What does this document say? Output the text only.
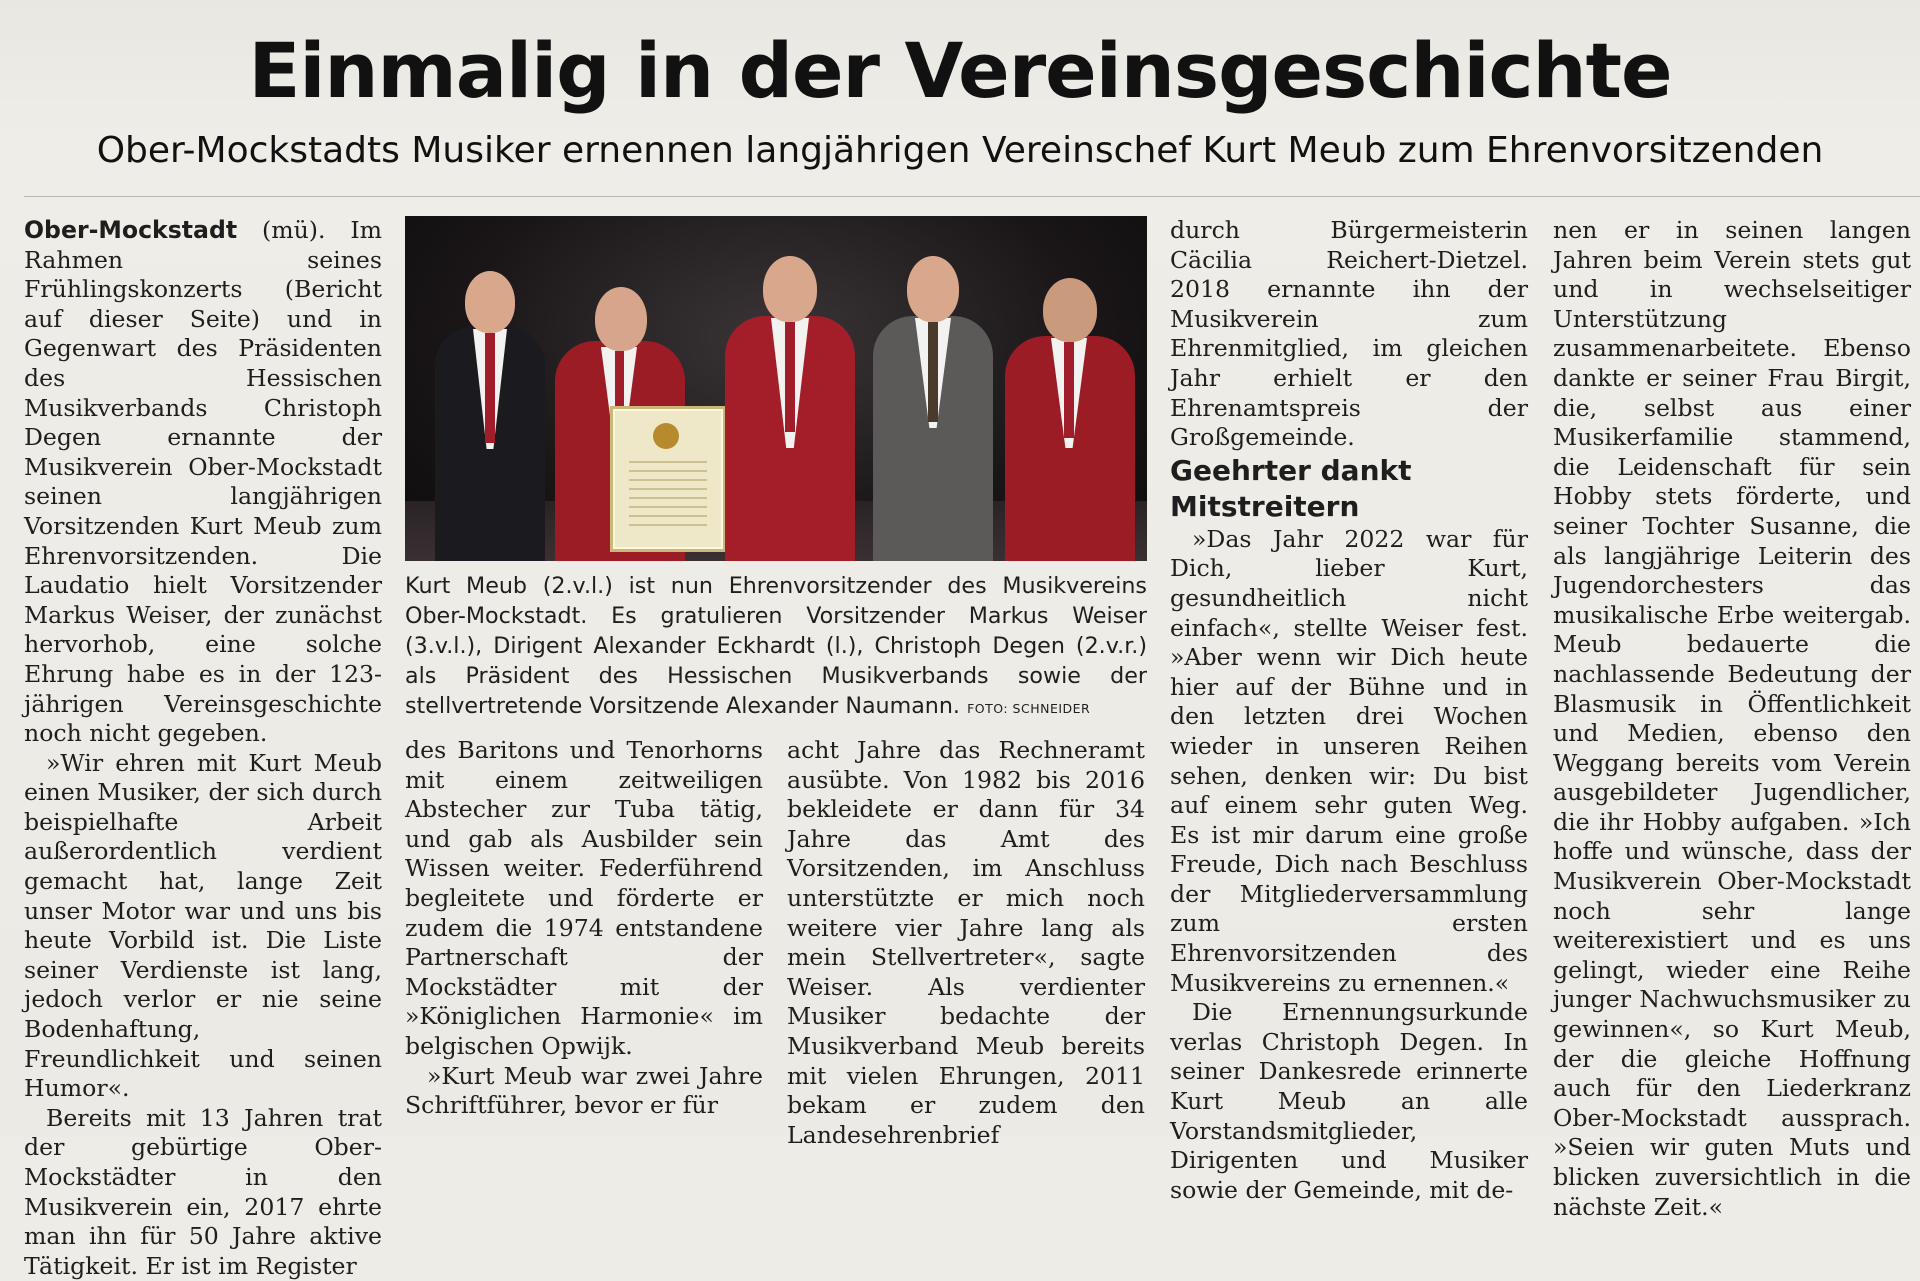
Einmalig in der Vereinsgeschichte
Ober-Mockstadts Musiker ernennen langjährigen Vereinschef Kurt Meub zum Ehrenvorsitzenden

Ober-Mockstadt (mü). Im Rahmen seines Frühlingskonzerts (Bericht auf dieser Seite) und in Gegenwart des Präsidenten des Hessischen Musikverbands Christoph Degen ernannte der Musikverein Ober-Mockstadt seinen langjährigen Vorsitzenden Kurt Meub zum Ehrenvorsitzenden. Die Laudatio hielt Vorsitzender Markus Weiser, der zunächst hervorhob, eine solche Ehrung habe es in der 123-jährigen Vereinsgeschichte noch nicht gegeben.

»Wir ehren mit Kurt Meub einen Musiker, der sich durch beispielhafte Arbeit außerordentlich verdient gemacht hat, lange Zeit unser Motor war und uns bis heute Vorbild ist. Die Liste seiner Verdienste ist lang, jedoch verlor er nie seine Bodenhaftung, Freundlichkeit und seinen Humor«.

Bereits mit 13 Jahren trat der gebürtige Ober-Mockstädter in den Musikverein ein, 2017 ehrte man ihn für 50 Jahre aktive Tätigkeit. Er ist im Register

Kurt Meub (2.v.l.) ist nun Ehrenvorsitzender des Musikvereins Ober-Mockstadt. Es gratulieren Vorsitzender Markus Weiser (3.v.l.), Dirigent Alexander Eckhardt (l.), Christoph Degen (2.v.r.) als Präsident des Hessischen Musikverbands sowie der stellvertretende Vorsitzende Alexander Naumann. FOTO: SCHNEIDER

des Baritons und Tenorhorns mit einem zeitweiligen Abstecher zur Tuba tätig, und gab als Ausbilder sein Wissen weiter. Federführend begleitete und förderte er zudem die 1974 entstandene Partnerschaft der Mockstädter mit der »Königlichen Harmonie« im belgischen Opwijk.

»Kurt Meub war zwei Jahre Schriftführer, bevor er für

acht Jahre das Rechneramt ausübte. Von 1982 bis 2016 bekleidete er dann für 34 Jahre das Amt des Vorsitzenden, im Anschluss unterstützte er mich noch weitere vier Jahre lang als mein Stellvertreter«, sagte Weiser. Als verdienter Musiker bedachte der Musikverband Meub bereits mit vielen Ehrungen, 2011 bekam er zudem den Landesehrenbrief

durch Bürgermeisterin Cäcilia Reichert-Dietzel. 2018 ernannte ihn der Musikverein zum Ehrenmitglied, im gleichen Jahr erhielt er den Ehrenamtspreis der Großgemeinde.

Geehrter dankt Mitstreitern

»Das Jahr 2022 war für Dich, lieber Kurt, gesundheitlich nicht einfach«, stellte Weiser fest. »Aber wenn wir Dich heute hier auf der Bühne und in den letzten drei Wochen wieder in unseren Reihen sehen, denken wir: Du bist auf einem sehr guten Weg. Es ist mir darum eine große Freude, Dich nach Beschluss der Mitgliederversammlung zum ersten Ehrenvorsitzenden des Musikvereins zu ernennen.«

Die Ernennungsurkunde verlas Christoph Degen. In seiner Dankesrede erinnerte Kurt Meub an alle Vorstandsmitglieder, Dirigenten und Musiker sowie der Gemeinde, mit de-

nen er in seinen langen Jahren beim Verein stets gut und in wechselseitiger Unterstützung zusammenarbeitete. Ebenso dankte er seiner Frau Birgit, die, selbst aus einer Musikerfamilie stammend, die Leidenschaft für sein Hobby stets förderte, und seiner Tochter Susanne, die als langjährige Leiterin des Jugendorchesters das musikalische Erbe weitergab. Meub bedauerte die nachlassende Bedeutung der Blasmusik in Öffentlichkeit und Medien, ebenso den Weggang bereits vom Verein ausgebildeter Jugendlicher, die ihr Hobby aufgaben. »Ich hoffe und wünsche, dass der Musikverein Ober-Mockstadt noch sehr lange weiterexistiert und es uns gelingt, wieder eine Reihe junger Nachwuchsmusiker zu gewinnen«, so Kurt Meub, der die gleiche Hoffnung auch für den Liederkranz Ober-Mockstadt aussprach. »Seien wir guten Muts und blicken zuversichtlich in die nächste Zeit.«
